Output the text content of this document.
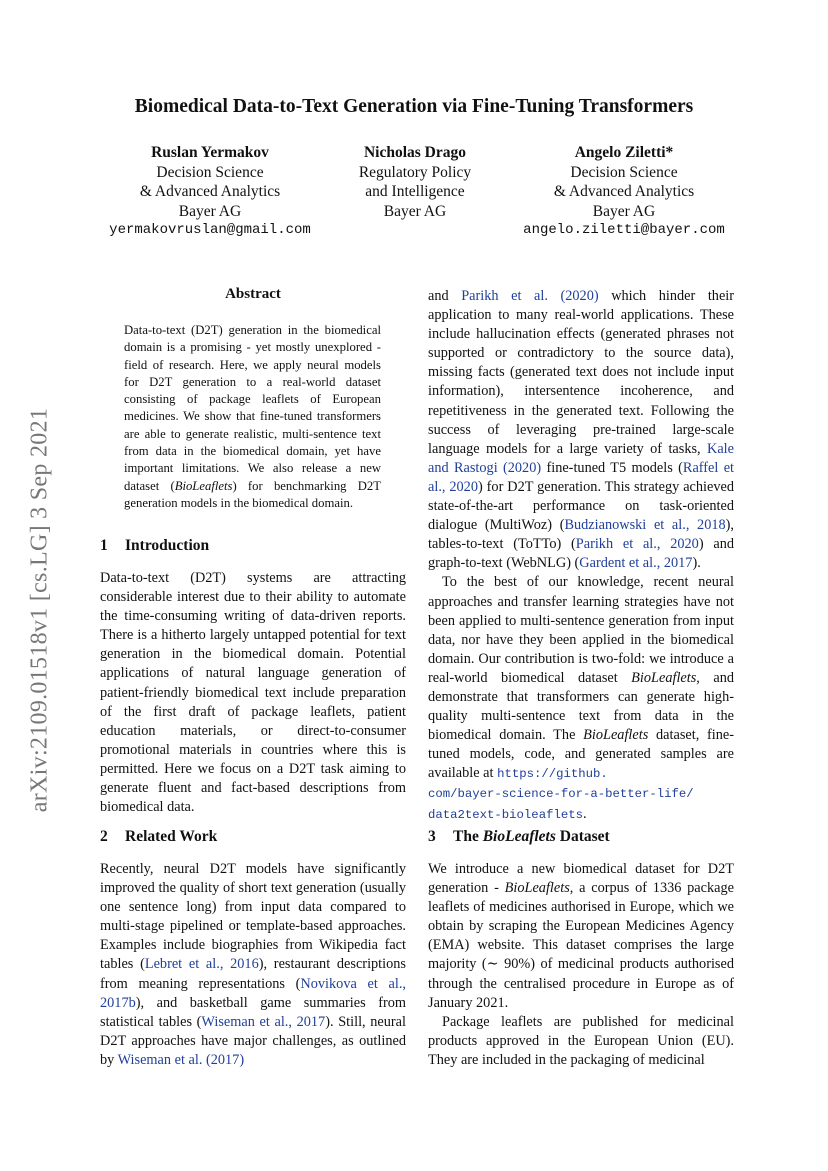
Biomedical Data-to-Text Generation via Fine-Tuning Transformers
Ruslan Yermakov
Decision Science
& Advanced Analytics
Bayer AG
yermakovruslan@gmail.com
Nicholas Drago
Regulatory Policy
and Intelligence
Bayer AG
Angelo Ziletti*
Decision Science
& Advanced Analytics
Bayer AG
angelo.ziletti@bayer.com
arXiv:2109.01518v1 [cs.LG] 3 Sep 2021
Abstract
Data-to-text (D2T) generation in the biomedical domain is a promising - yet mostly unexplored - field of research. Here, we apply neural models for D2T generation to a real-world dataset consisting of package leaflets of European medicines. We show that fine-tuned transformers are able to generate realistic, multi-sentence text from data in the biomedical domain, yet have important limitations. We also release a new dataset (BioLeaflets) for benchmarking D2T generation models in the biomedical domain.
1 Introduction

Data-to-text (D2T) systems are attracting considerable interest due to their ability to automate the time-consuming writing of data-driven reports. There is a hitherto largely untapped potential for text generation in the biomedical domain. Potential applications of natural language generation of patient-friendly biomedical text include preparation of the first draft of package leaflets, patient education materials, or direct-to-consumer promotional materials in countries where this is permitted. Here we focus on a D2T task aiming to generate fluent and fact-based descriptions from biomedical data.

2 Related Work

Recently, neural D2T models have significantly improved the quality of short text generation (usually one sentence long) from input data compared to multi-stage pipelined or template-based approaches. Examples include biographies from Wikipedia fact tables (Lebret et al., 2016), restaurant descriptions from meaning representations (Novikova et al., 2017b), and basketball game summaries from statistical tables (Wiseman et al., 2017). Still, neural D2T approaches have major challenges, as outlined by Wiseman et al. (2017)

and Parikh et al. (2020) which hinder their application to many real-world applications. These include hallucination effects (generated phrases not supported or contradictory to the source data), missing facts (generated text does not include input information), intersentence incoherence, and repetitiveness in the generated text. Following the success of leveraging pre-trained large-scale language models for a large variety of tasks, Kale and Rastogi (2020) fine-tuned T5 models (Raffel et al., 2020) for D2T generation. This strategy achieved state-of-the-art performance on task-oriented dialogue (MultiWoz) (Budzianowski et al., 2018), tables-to-text (ToTTo) (Parikh et al., 2020) and graph-to-text (WebNLG) (Gardent et al., 2017).

To the best of our knowledge, recent neural approaches and transfer learning strategies have not been applied to multi-sentence generation from input data, nor have they been applied in the biomedical domain. Our contribution is two-fold: we introduce a real-world biomedical dataset BioLeaflets, and demonstrate that transformers can generate high-quality multi-sentence text from data in the biomedical domain. The BioLeaflets dataset, fine-tuned models, code, and generated samples are available at https://github.
com/bayer-science-for-a-better-life/
data2text-bioleaflets.

3 The BioLeaflets Dataset

We introduce a new biomedical dataset for D2T generation - BioLeaflets, a corpus of 1336 package leaflets of medicines authorised in Europe, which we obtain by scraping the European Medicines Agency (EMA) website. This dataset comprises the large majority (∼ 90%) of medicinal products authorised through the centralised procedure in Europe as of January 2021.

Package leaflets are published for medicinal products approved in the European Union (EU). They are included in the packaging of medicinal
